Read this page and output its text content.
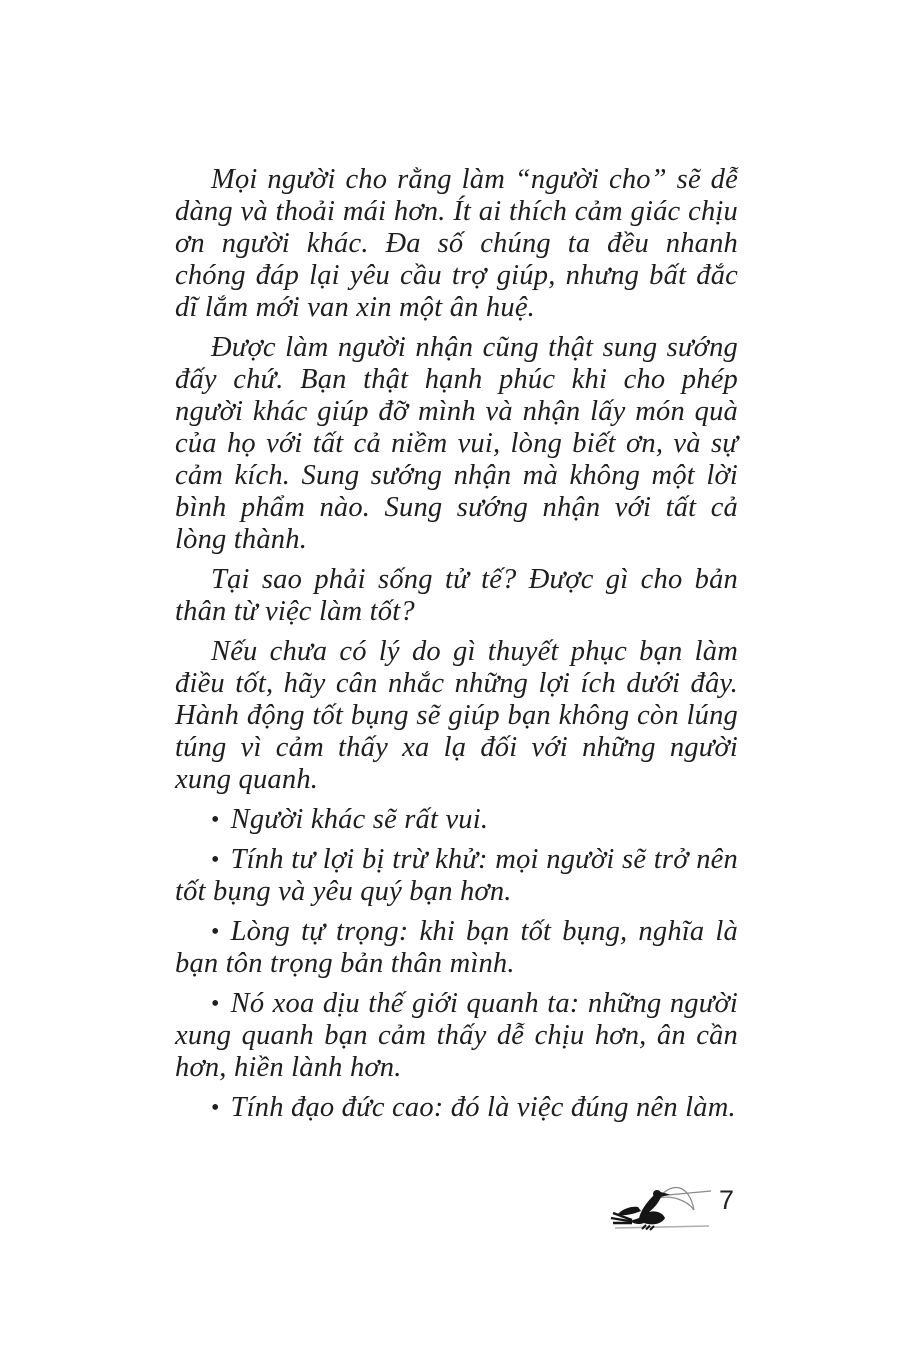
Mọi người cho rằng làm “người cho” sẽ dễ dàng và thoải mái hơn. Ít ai thích cảm giác chịu ơn người khác. Đa số chúng ta đều nhanh chóng đáp lại yêu cầu trợ giúp, nhưng bất đắc dĩ lắm mới van xin một ân huệ.

Được làm người nhận cũng thật sung sướng đấy chứ. Bạn thật hạnh phúc khi cho phép người khác giúp đỡ mình và nhận lấy món quà của họ với tất cả niềm vui, lòng biết ơn, và sự cảm kích. Sung sướng nhận mà không một lời bình phẩm nào. Sung sướng nhận với tất cả lòng thành.

Tại sao phải sống tử tế? Được gì cho bản thân từ việc làm tốt?

Nếu chưa có lý do gì thuyết phục bạn làm điều tốt, hãy cân nhắc những lợi ích dưới đây. Hành động tốt bụng sẽ giúp bạn không còn lúng túng vì cảm thấy xa lạ đối với những người xung quanh.

• Người khác sẽ rất vui.

• Tính tư lợi bị trừ khử: mọi người sẽ trở nên tốt bụng và yêu quý bạn hơn.

• Lòng tự trọng: khi bạn tốt bụng, nghĩa là bạn tôn trọng bản thân mình.

• Nó xoa dịu thế giới quanh ta: những người xung quanh bạn cảm thấy dễ chịu hơn, ân cần hơn, hiền lành hơn.

• Tính đạo đức cao: đó là việc đúng nên làm.

7
